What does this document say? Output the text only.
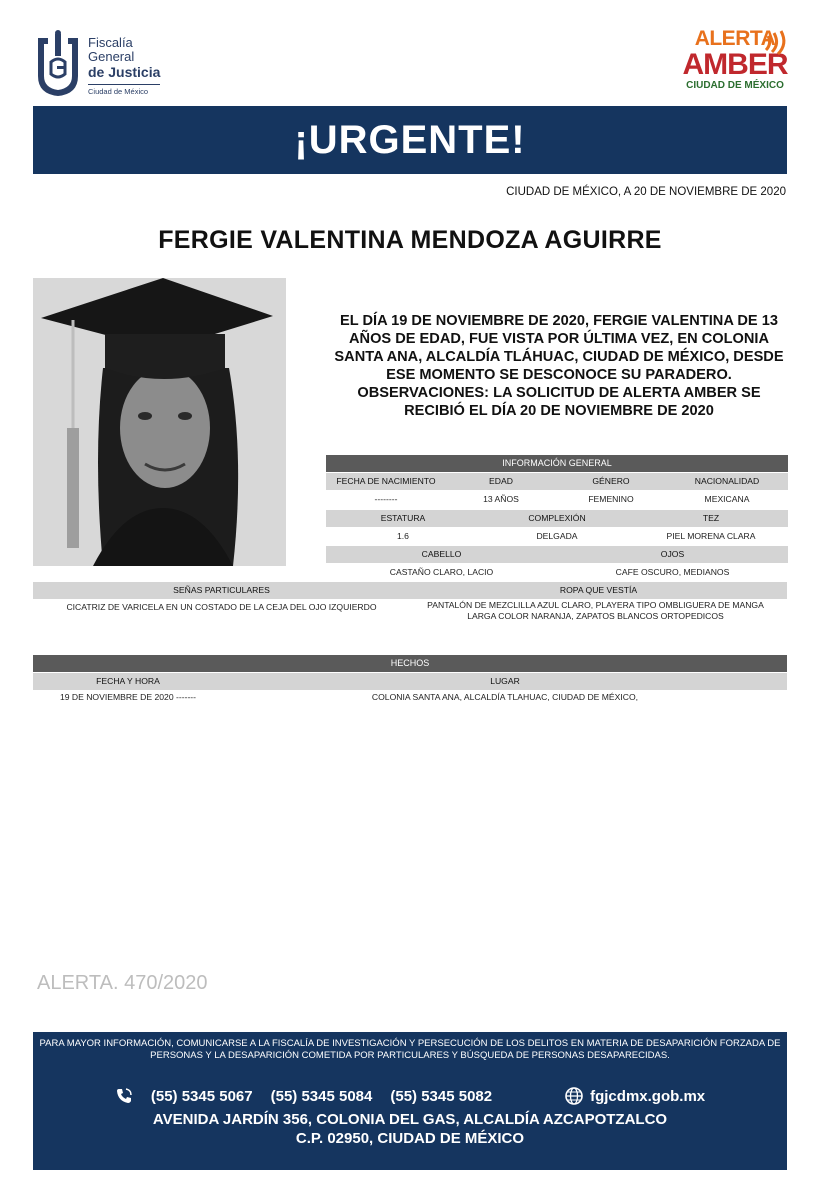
Fiscalía
General
de Justicia
Ciudad de México
ALERTA
AMBER
CIUDAD DE MÉXICO
¡URGENTE!
CIUDAD DE MÉXICO, A 20 DE NOVIEMBRE DE 2020
FERGIE VALENTINA MENDOZA AGUIRRE
EL DÍA 19 DE NOVIEMBRE DE 2020, FERGIE VALENTINA DE 13 AÑOS DE EDAD, FUE VISTA POR ÚLTIMA VEZ, EN COLONIA SANTA ANA, ALCALDÍA TLÁHUAC, CIUDAD DE MÉXICO, DESDE ESE MOMENTO SE DESCONOCE SU PARADERO. OBSERVACIONES: LA SOLICITUD DE ALERTA AMBER SE RECIBIÓ EL DÍA 20 DE NOVIEMBRE DE 2020
INFORMACIÓN GENERAL
FECHA DE NACIMIENTO	EDAD	GÉNERO	NACIONALIDAD
--------	13 AÑOS	FEMENINO	MEXICANA
ESTATURA	COMPLEXIÓN	TEZ
1.6	DELGADA	PIEL MORENA CLARA
CABELLO	OJOS
CASTAÑO CLARO, LACIO	CAFE OSCURO, MEDIANOS
SEÑAS PARTICULARES	ROPA QUE VESTÍA
CICATRIZ DE VARICELA EN UN COSTADO DE LA CEJA DEL OJO IZQUIERDO	PANTALÓN DE MEZCLILLA AZUL CLARO, PLAYERA TIPO OMBLIGUERA DE MANGA LARGA COLOR NARANJA, ZAPATOS BLANCOS ORTOPEDICOS
HECHOS
FECHA Y HORA	LUGAR
19 DE NOVIEMBRE DE 2020 -------	COLONIA SANTA ANA, ALCALDÍA TLAHUAC, CIUDAD DE MÉXICO,
ALERTA. 470/2020
PARA MAYOR INFORMACIÓN, COMUNICARSE A LA FISCALÍA DE INVESTIGACIÓN Y PERSECUCIÓN DE LOS DELITOS EN MATERIA DE DESAPARICIÓN FORZADA DE PERSONAS Y LA DESAPARICIÓN COMETIDA POR PARTICULARES Y BÚSQUEDA DE PERSONAS DESAPARECIDAS.
(55) 5345 5067 (55) 5345 5084 (55) 5345 5082	fgjcdmx.gob.mx
AVENIDA JARDÍN 356, COLONIA DEL GAS, ALCALDÍA AZCAPOTZALCO
C.P. 02950, CIUDAD DE MÉXICO
